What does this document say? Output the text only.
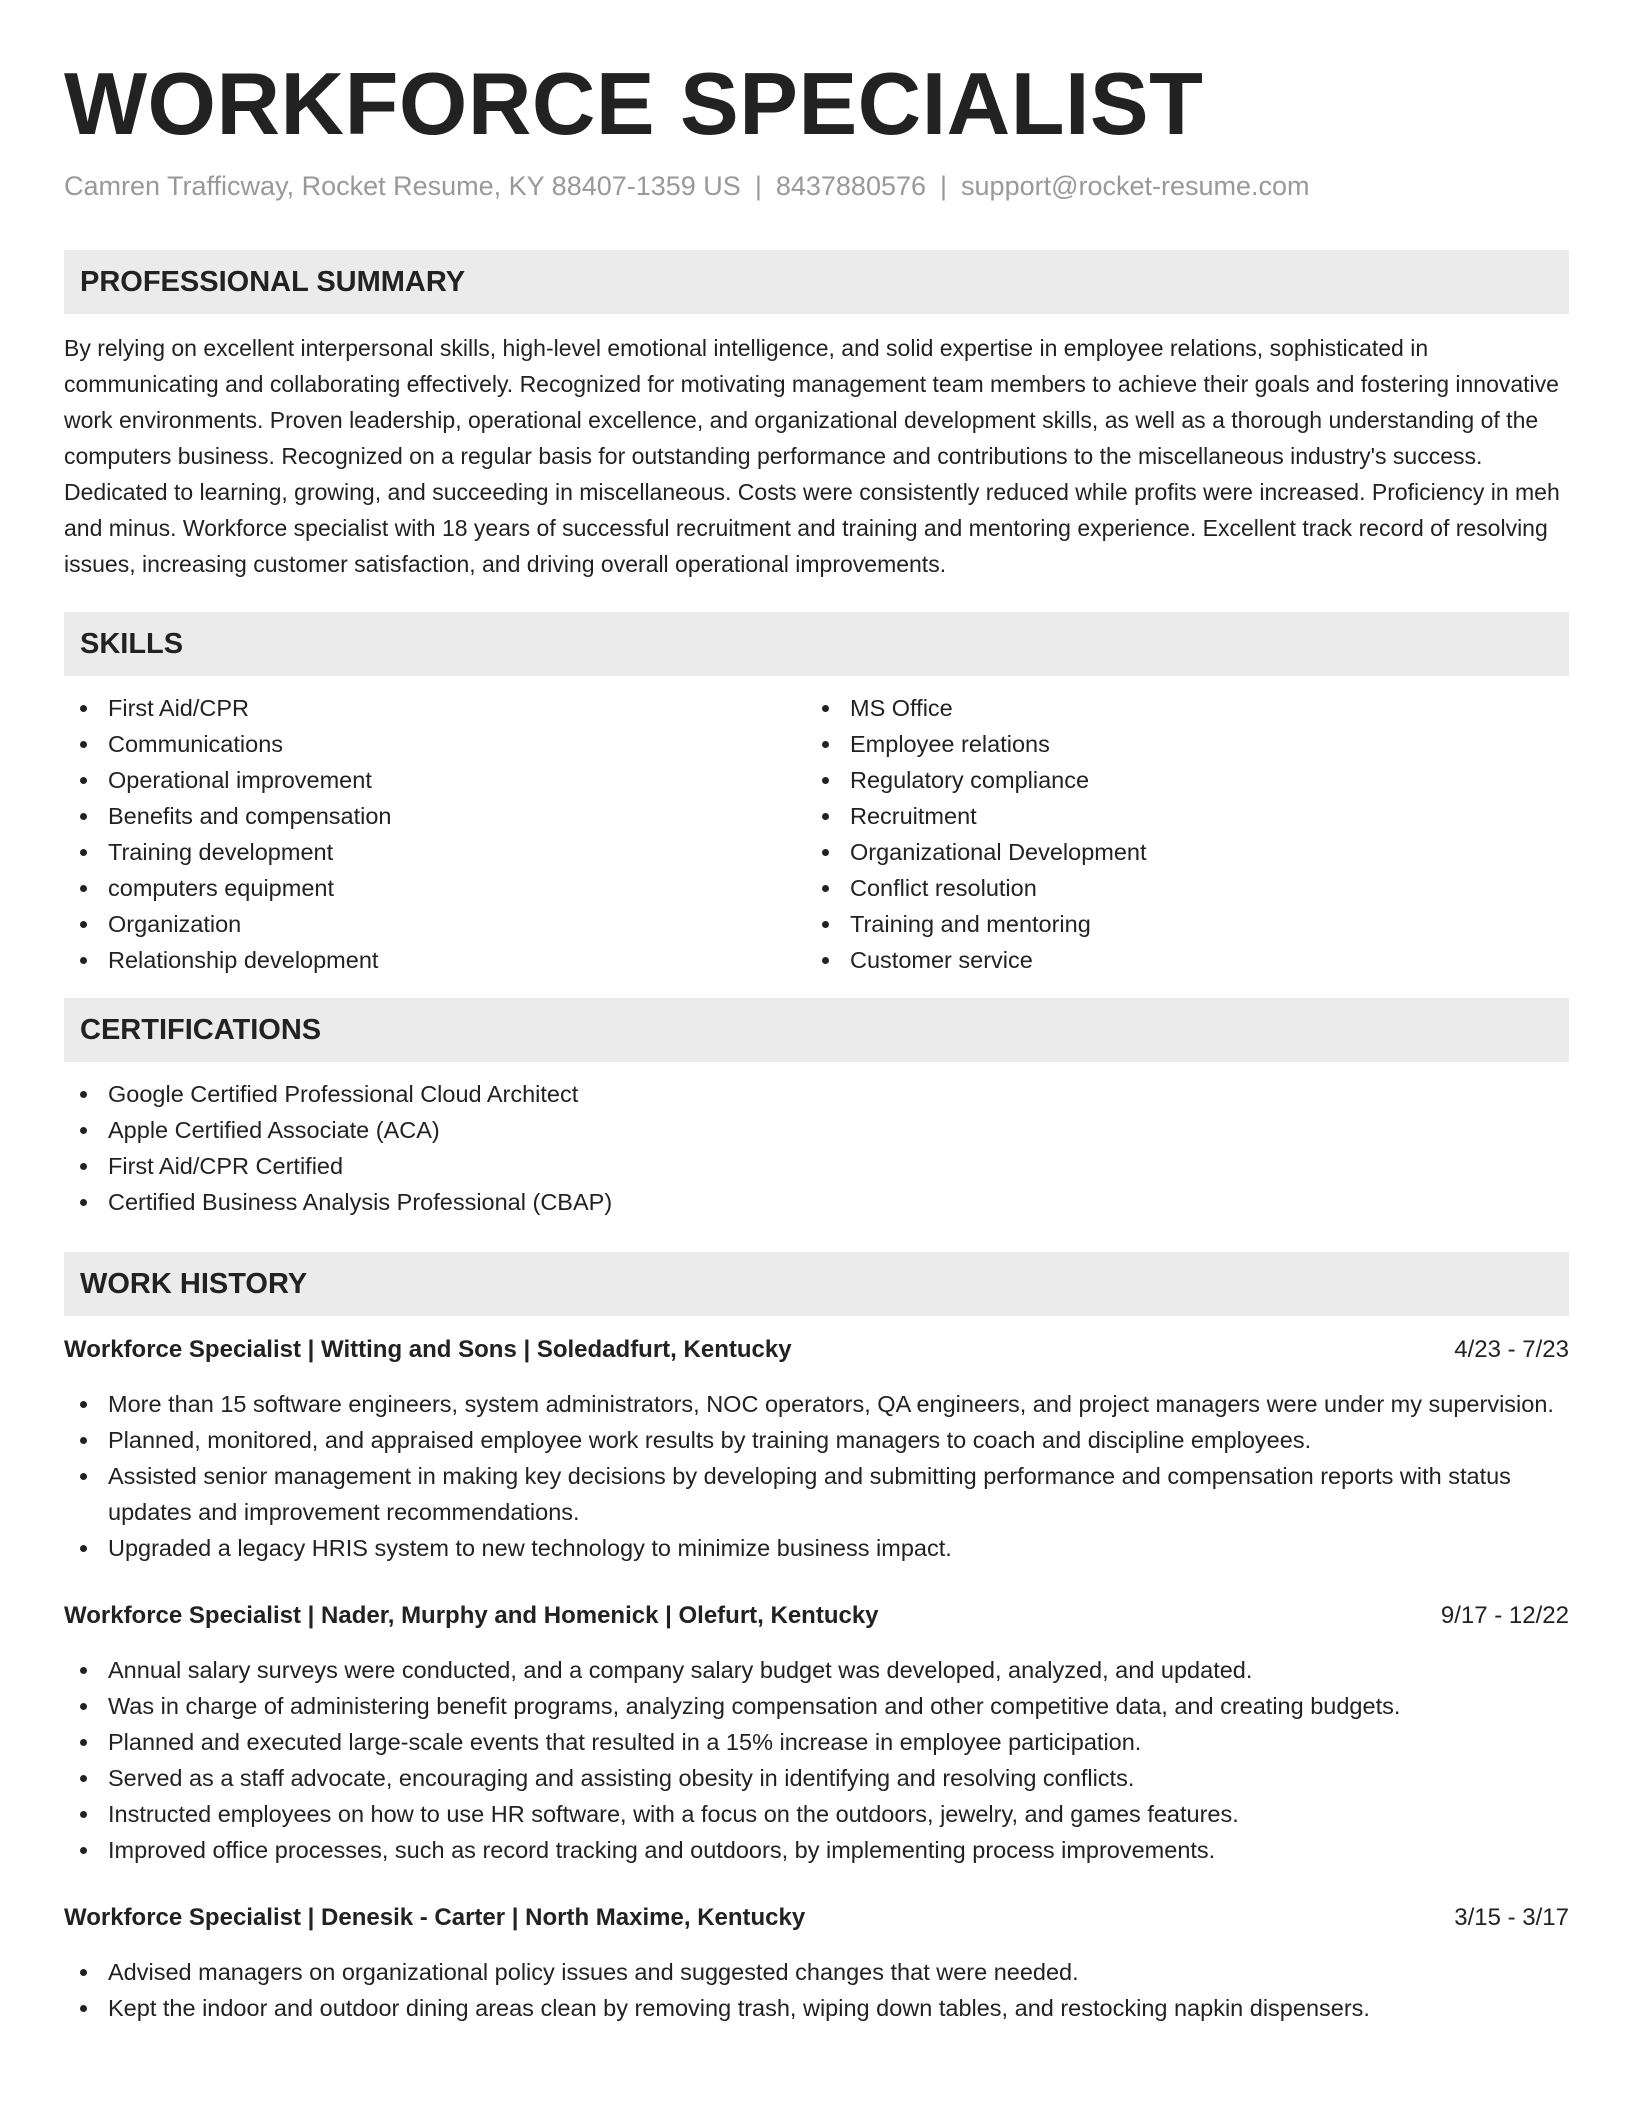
WORKFORCE SPECIALIST
Camren Trafficway, Rocket Resume, KY 88407-1359 US | 8437880576 | support@rocket-resume.com
PROFESSIONAL SUMMARY

By relying on excellent interpersonal skills, high-level emotional intelligence, and solid expertise in employee relations, sophisticated in communicating and collaborating effectively. Recognized for motivating management team members to achieve their goals and fostering innovative work environments. Proven leadership, operational excellence, and organizational development skills, as well as a thorough understanding of the computers business. Recognized on a regular basis for outstanding performance and contributions to the miscellaneous industry's success. Dedicated to learning, growing, and succeeding in miscellaneous. Costs were consistently reduced while profits were increased. Proficiency in meh and minus. Workforce specialist with 18 years of successful recruitment and training and mentoring experience. Excellent track record of resolving issues, increasing customer satisfaction, and driving overall operational improvements.

SKILLS
First Aid/CPR
Communications
Operational improvement
Benefits and compensation
Training development
computers equipment
Organization
Relationship development
MS Office
Employee relations
Regulatory compliance
Recruitment
Organizational Development
Conflict resolution
Training and mentoring
Customer service
CERTIFICATIONS
Google Certified Professional Cloud Architect
Apple Certified Associate (ACA)
First Aid/CPR Certified
Certified Business Analysis Professional (CBAP)
WORK HISTORY
Workforce Specialist | Witting and Sons | Soledadfurt, Kentucky	4/23 - 7/23
More than 15 software engineers, system administrators, NOC operators, QA engineers, and project managers were under my supervision.
Planned, monitored, and appraised employee work results by training managers to coach and discipline employees.
Assisted senior management in making key decisions by developing and submitting performance and compensation reports with status updates and improvement recommendations.
Upgraded a legacy HRIS system to new technology to minimize business impact.
Workforce Specialist | Nader, Murphy and Homenick | Olefurt, Kentucky	9/17 - 12/22
Annual salary surveys were conducted, and a company salary budget was developed, analyzed, and updated.
Was in charge of administering benefit programs, analyzing compensation and other competitive data, and creating budgets.
Planned and executed large-scale events that resulted in a 15% increase in employee participation.
Served as a staff advocate, encouraging and assisting obesity in identifying and resolving conflicts.
Instructed employees on how to use HR software, with a focus on the outdoors, jewelry, and games features.
Improved office processes, such as record tracking and outdoors, by implementing process improvements.
Workforce Specialist | Denesik - Carter | North Maxime, Kentucky	3/15 - 3/17
Advised managers on organizational policy issues and suggested changes that were needed.
Kept the indoor and outdoor dining areas clean by removing trash, wiping down tables, and restocking napkin dispensers.
